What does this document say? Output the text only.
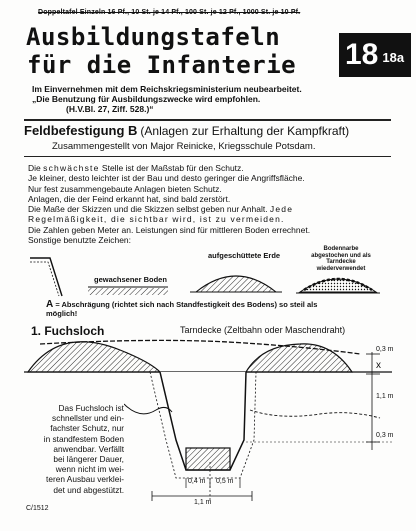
Doppeltafel Einzeln 16 Pf., 10 St. je 14 Pf., 100 St. je 12 Pf., 1000 St. je 10 Pf.
Ausbildungstafeln
für die Infanterie 18 18a
Im Einvernehmen mit dem Reichskriegsministerium neubearbeitet.
„Die Benutzung für Ausbildungszwecke wird empfohlen.
(H.V.Bl. 27, Ziff. 528.)“
Feldbefestigung B (Anlagen zur Erhaltung der Kampfkraft)
Zusammengestellt von Major Reinicke, Kriegsschule Potsdam.

Die schwächste Stelle ist der Maßstab für den Schutz.

Je kleiner, desto leichter ist der Bau und desto geringer die Angriffsfläche.

Nur fest zusammengebaute Anlagen bieten Schutz.

Anlagen, die der Feind erkannt hat, sind bald zerstört.

Die Maße der Skizzen und die Skizzen selbst geben nur Anhalt. Jede

Regelmäßigkeit, die sichtbar wird, ist zu vermeiden.

Die Zahlen geben Meter an. Leistungen sind für mittleren Boden errechnet.

Sonstige benutzte Zeichen:

gewachsener Boden
aufgeschüttete Erde
Bodennarbe
abgestochen und als
Tarndecke
wiederverwendet
A = Abschrägung (richtet sich nach Standfestigkeit des Bodens) so steil als
möglich!
1. Fuchsloch	Tarndecke (Zeltbahn oder Maschendraht)
0,3 m
x
1,1 m
0,3 m
0,4 m 0,5 m
1,1 m
Das Fuchsloch ist
schnellster und ein-
fachster Schutz, nur
in standfestem Boden
anwendbar. Verfällt
bei längerer Dauer,
wenn nicht im wei-
teren Ausbau verklei-
det und abgestützt.
C/1512
